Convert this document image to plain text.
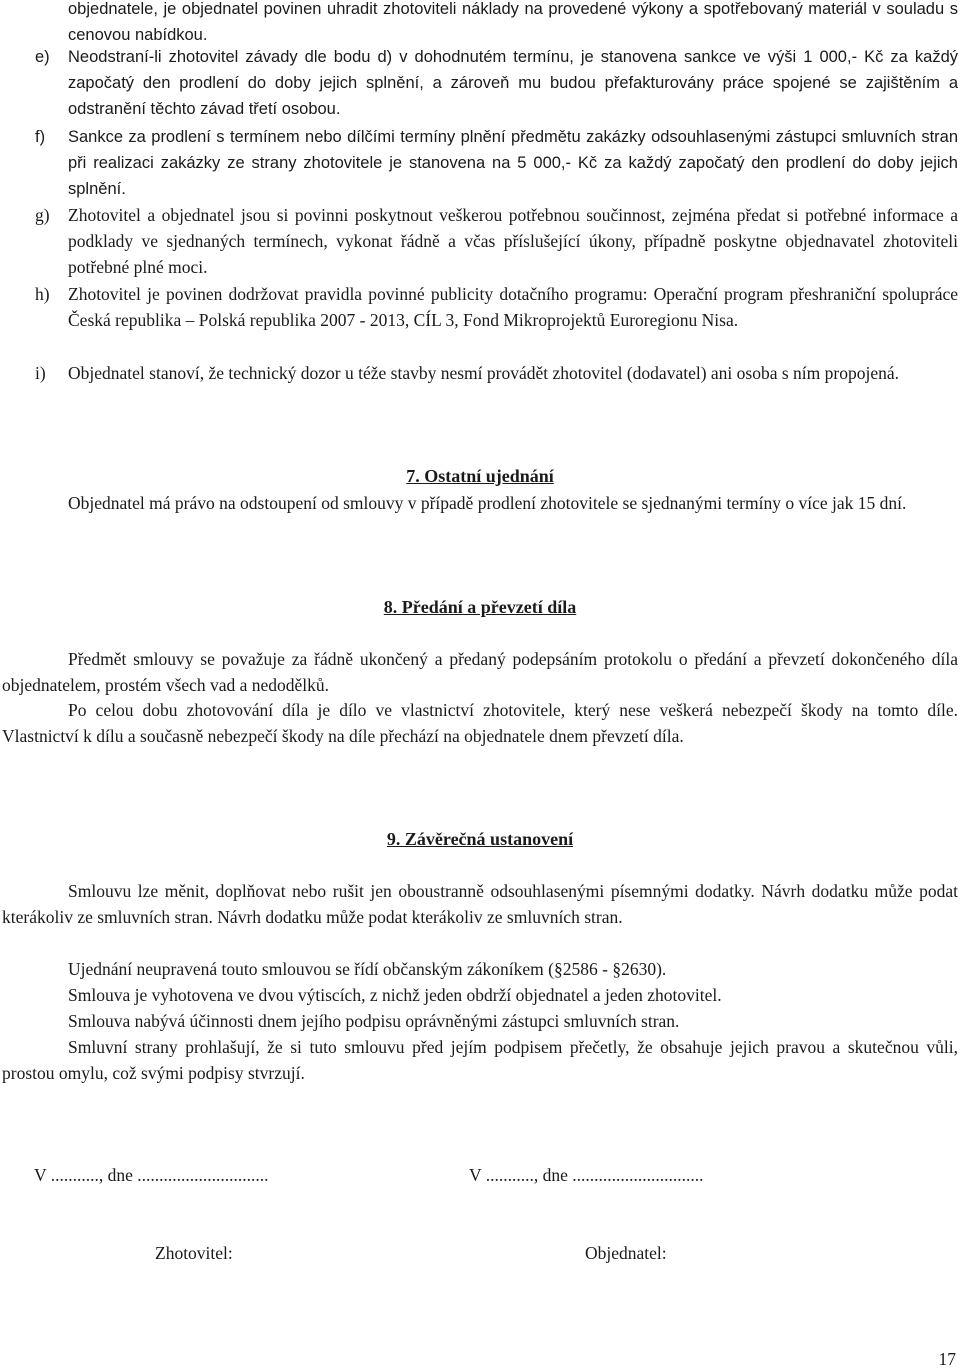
objednatele, je objednatel povinen uhradit zhotoviteli náklady na provedené výkony a spotřebovaný materiál v souladu s cenovou nabídkou.
e) Neodstraní-li zhotovitel závady dle bodu d) v dohodnutém termínu, je stanovena sankce ve výši 1 000,- Kč za každý započatý den prodlení do doby jejich splnění, a zároveň mu budou přefakturovány práce spojené se zajištěním a odstranění těchto závad třetí osobou.
f) Sankce za prodlení s termínem nebo dílčími termíny plnění předmětu zakázky odsouhlasenými zástupci smluvních stran při realizaci zakázky ze strany zhotovitele je stanovena na 5 000,- Kč za každý započatý den prodlení do doby jejich splnění.
g) Zhotovitel a objednatel jsou si povinni poskytnout veškerou potřebnou součinnost, zejména předat si potřebné informace a podklady ve sjednaných termínech, vykonat řádně a včas příslušející úkony, případně poskytne objednavatel zhotoviteli potřebné plné moci.
h) Zhotovitel je povinen dodržovat pravidla povinné publicity dotačního programu: Operační program přeshraniční spolupráce Česká republika – Polská republika 2007 - 2013, CÍL 3, Fond Mikroprojektů Euroregionu Nisa.
i) Objednatel stanoví, že technický dozor u téže stavby nesmí provádět zhotovitel (dodavatel) ani osoba s ním propojená.
7. Ostatní ujednání
Objednatel má právo na odstoupení od smlouvy v případě prodlení zhotovitele se sjednanými termíny o více jak 15 dní.
8. Předání a převzetí díla
Předmět smlouvy se považuje za řádně ukončený a předaný podepsáním protokolu o předání a převzetí dokončeného díla objednatelem, prostém všech vad a nedodělků.
Po celou dobu zhotovování díla je dílo ve vlastnictví zhotovitele, který nese veškerá nebezpečí škody na tomto díle. Vlastnictví k dílu a současně nebezpečí škody na díle přechází na objednatele dnem převzetí díla.
9. Závěrečná ustanovení
Smlouvu lze měnit, doplňovat nebo rušit jen oboustranně odsouhlasenými písemnými dodatky. Návrh dodatku může podat kterákoliv ze smluvních stran. Návrh dodatku může podat kterákoliv ze smluvních stran.
Ujednání neupravená touto smlouvou se řídí občanským zákoníkem (§2586 - §2630).
Smlouva je vyhotovena ve dvou výtiscích, z nichž jeden obdrží objednatel a jeden zhotovitel.
Smlouva nabývá účinnosti dnem jejího podpisu oprávněnými zástupci smluvních stran.
Smluvní strany prohlašují, že si tuto smlouvu před jejím podpisem přečetly, že obsahuje jejich pravou a skutečnou vůli, prostou omylu, což svými podpisy stvrzují.
V ..........., dne ..............................	V ..........., dne ..............................
Zhotovitel:	Objednatel:
17
